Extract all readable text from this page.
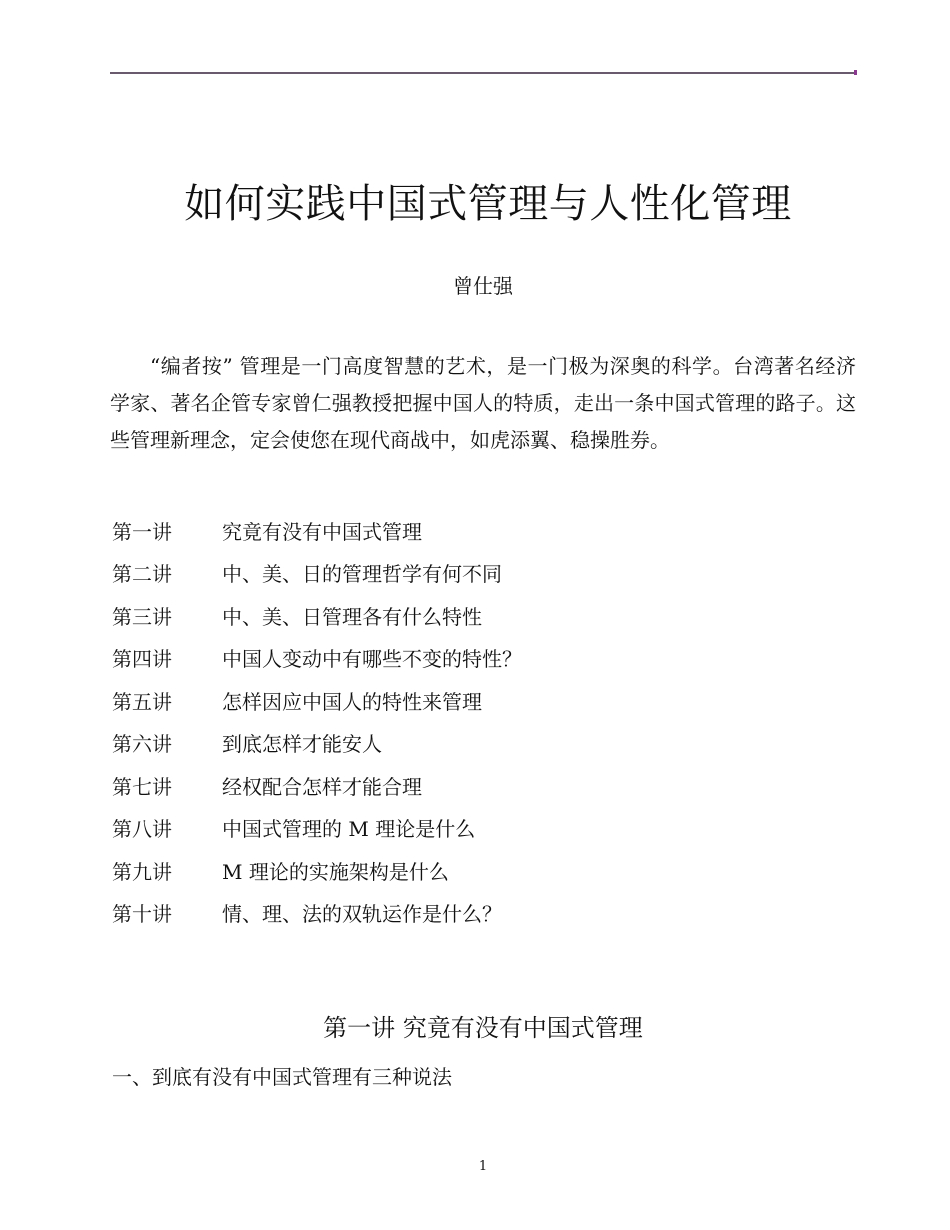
如何实践中国式管理与人性化管理
曾仕强

“编者按” 管理是一门高度智慧的艺术，是一门极为深奥的科学。台湾著名经济学家、著名企管专家曾仁强教授把握中国人的特质，走出一条中国式管理的路子。这些管理新理念，定会使您在现代商战中，如虎添翼、稳操胜券。

第一讲	究竟有没有中国式管理
第二讲	中、美、日的管理哲学有何不同
第三讲	中、美、日管理各有什么特性
第四讲	中国人变动中有哪些不变的特性？
第五讲	怎样因应中国人的特性来管理
第六讲	到底怎样才能安人
第七讲	经权配合怎样才能合理
第八讲	中国式管理的 M 理论是什么
第九讲	M 理论的实施架构是什么
第十讲	情、理、法的双轨运作是什么？
第一讲 究竟有没有中国式管理

一、到底有没有中国式管理有三种说法

1
